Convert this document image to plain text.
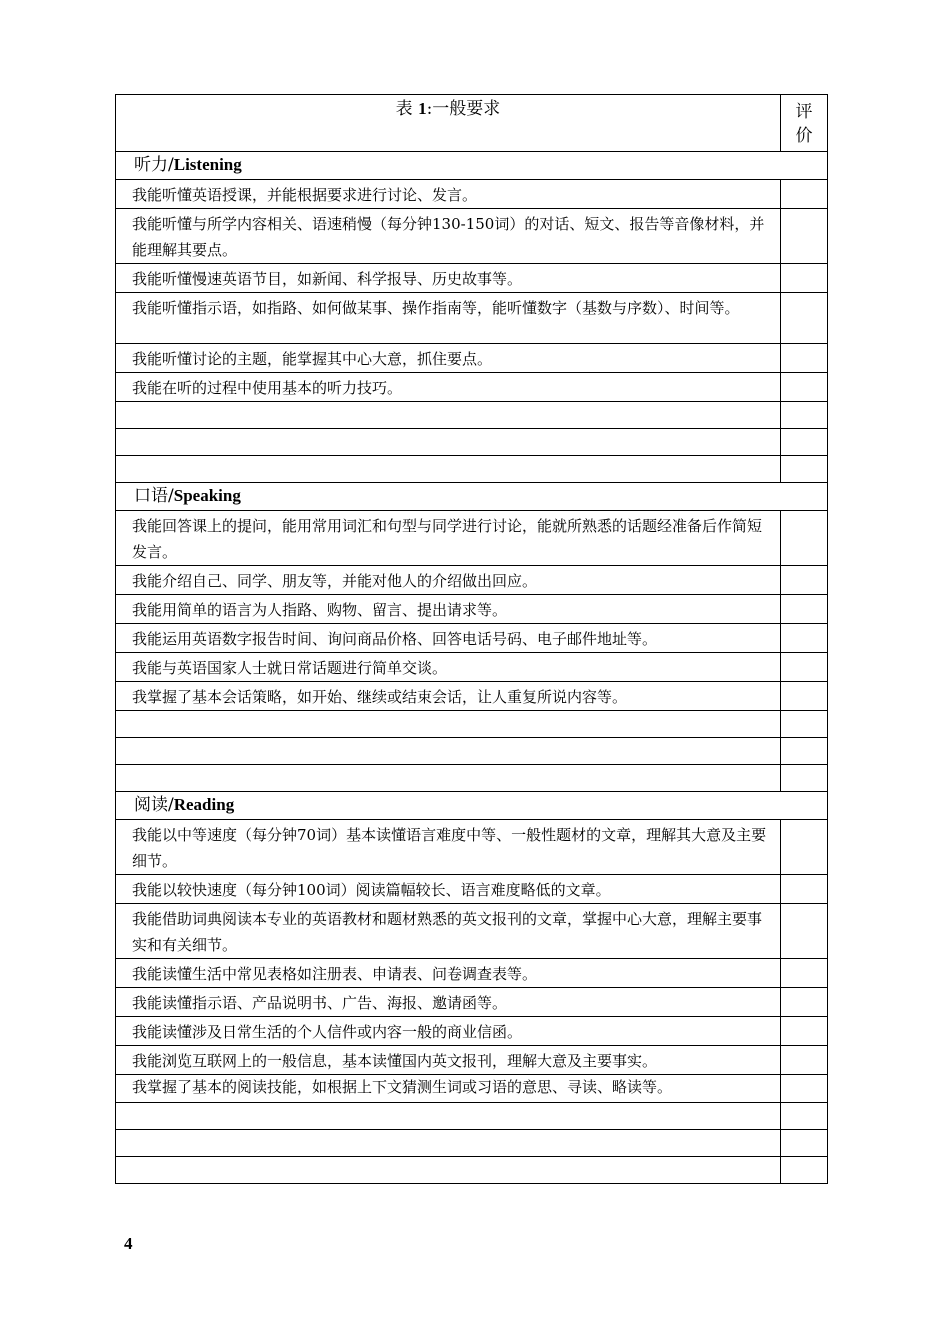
表 1:一般要求	评
价

听力/Listening	

我能听懂英语授课，并能根据要求进行讨论、发言。	

我能听懂与所学内容相关、语速稍慢（每分钟130-150词）的对话、短文、报告等音像材料，并能理解其要点。	

我能听懂慢速英语节目，如新闻、科学报导、历史故事等。	

我能听懂指示语，如指路、如何做某事、操作指南等，能听懂数字（基数与序数）、时间等。	

我能听懂讨论的主题，能掌握其中心大意，抓住要点。	

我能在听的过程中使用基本的听力技巧。	

口语/Speaking	

我能回答课上的提问，能用常用词汇和句型与同学进行讨论，能就所熟悉的话题经准备后作简短发言。	

我能介绍自己、同学、朋友等，并能对他人的介绍做出回应。	

我能用简单的语言为人指路、购物、留言、提出请求等。	

我能运用英语数字报告时间、询问商品价格、回答电话号码、电子邮件地址等。	

我能与英语国家人士就日常话题进行简单交谈。	

我掌握了基本会话策略，如开始、继续或结束会话，让人重复所说内容等。	

阅读/Reading	

我能以中等速度（每分钟70词）基本读懂语言难度中等、一般性题材的文章，理解其大意及主要细节。	

我能以较快速度（每分钟100词）阅读篇幅较长、语言难度略低的文章。	

我能借助词典阅读本专业的英语教材和题材熟悉的英文报刊的文章，掌握中心大意，理解主要事实和有关细节。	

我能读懂生活中常见表格如注册表、申请表、问卷调查表等。	

我能读懂指示语、产品说明书、广告、海报、邀请函等。	

我能读懂涉及日常生活的个人信件或内容一般的商业信函。	

我能浏览互联网上的一般信息，基本读懂国内英文报刊，理解大意及主要事实。	

我掌握了基本的阅读技能，如根据上下文猜测生词或习语的意思、寻读、略读等。	

4
